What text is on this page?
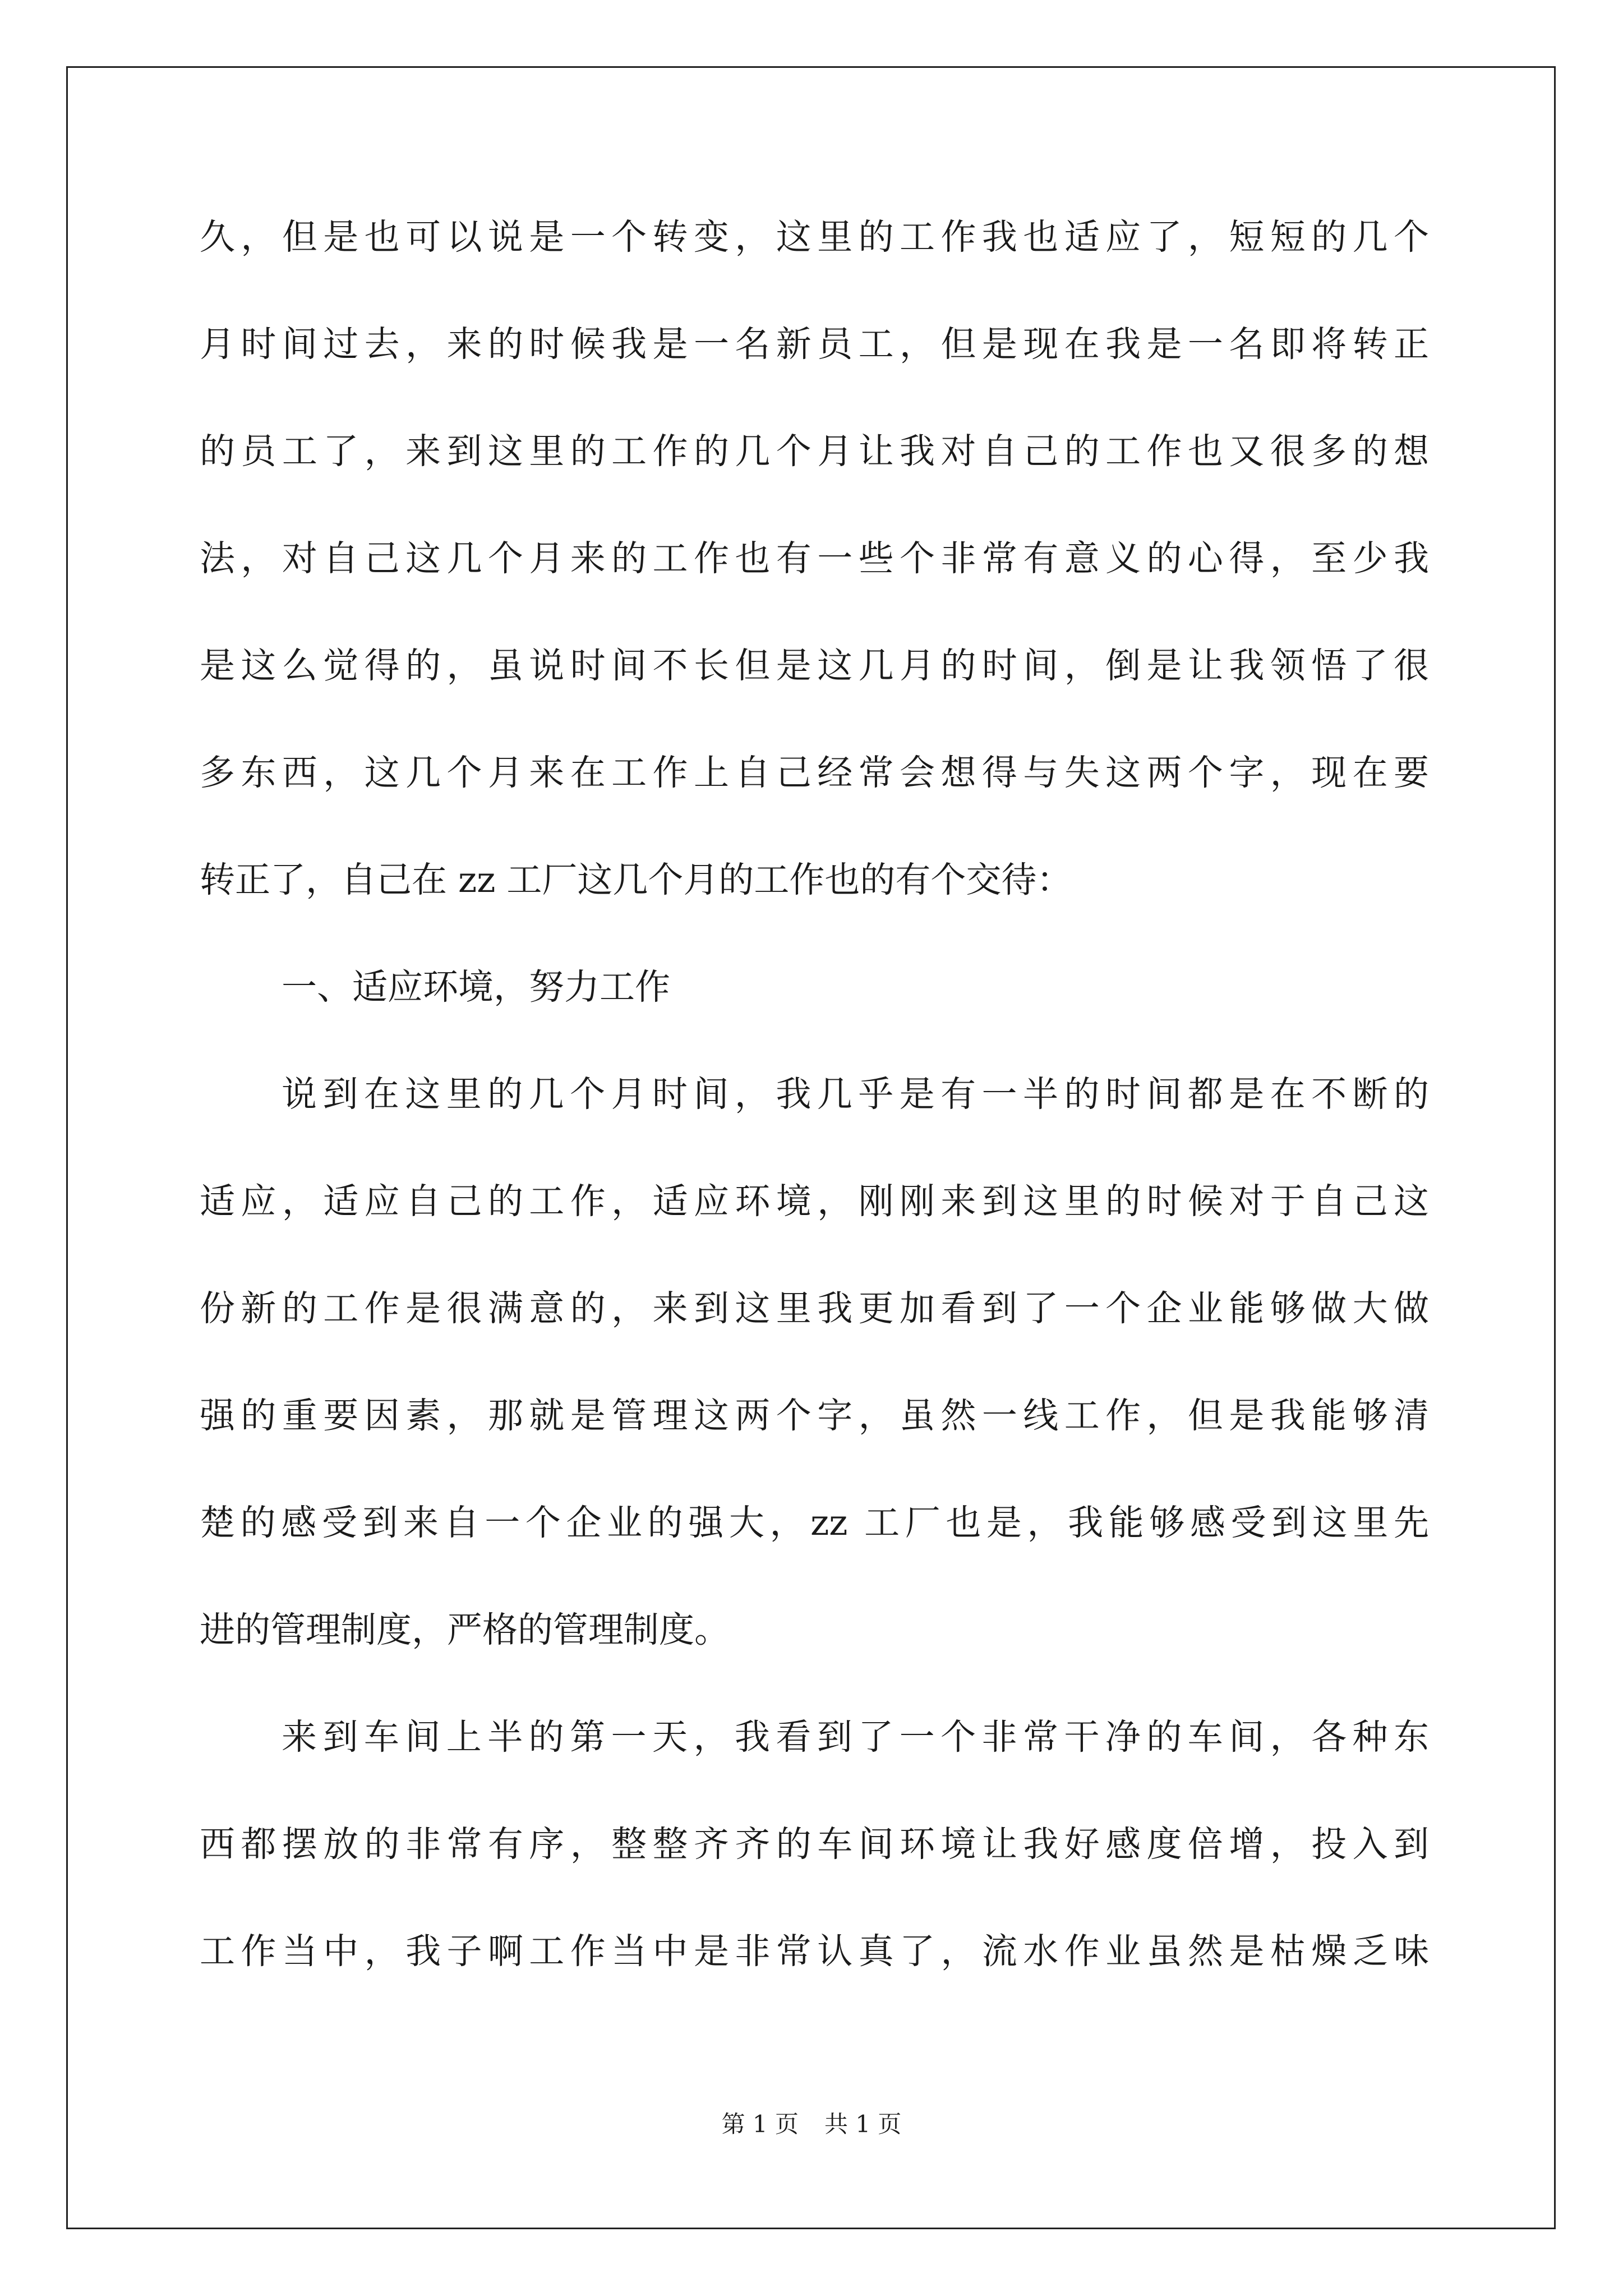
久，但是也可以说是一个转变，这里的工作我也适应了，短短的几个
月时间过去，来的时候我是一名新员工，但是现在我是一名即将转正
的员工了，来到这里的工作的几个月让我对自己的工作也又很多的想
法，对自己这几个月来的工作也有一些个非常有意义的心得，至少我
是这么觉得的，虽说时间不长但是这几月的时间，倒是让我领悟了很
多东西，这几个月来在工作上自己经常会想得与失这两个字，现在要
转正了，自己在 zz 工厂这几个月的工作也的有个交待：
一、适应环境，努力工作
说到在这里的几个月时间，我几乎是有一半的时间都是在不断的
适应，适应自己的工作，适应环境，刚刚来到这里的时候对于自己这
份新的工作是很满意的，来到这里我更加看到了一个企业能够做大做
强的重要因素，那就是管理这两个字，虽然一线工作，但是我能够清
楚的感受到来自一个企业的强大，zz 工厂也是，我能够感受到这里先
进的管理制度，严格的管理制度。
来到车间上半的第一天，我看到了一个非常干净的车间，各种东
西都摆放的非常有序，整整齐齐的车间环境让我好感度倍增，投入到
工作当中，我子啊工作当中是非常认真了，流水作业虽然是枯燥乏味
第 1 页 共 1 页
